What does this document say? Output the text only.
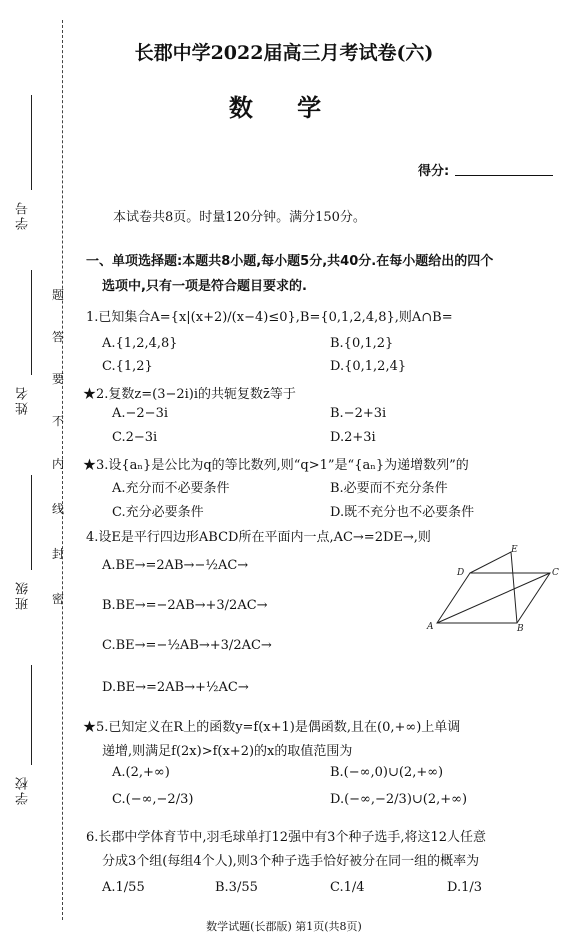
学号
姓名
班级
学校
密
封
线
内
不
要
答
题
长郡中学2022届高三月考试卷(六)
数 学
得分:
本试卷共8页。时量120分钟。满分150分。
一、单项选择题:本题共8小题,每小题5分,共40分.在每小题给出的四个
选项中,只有一项是符合题目要求的.
1.已知集合A={x|(x+2)/(x−4)≤0},B={0,1,2,4,8},则A∩B=
A.{1,2,4,8}	B.{0,1,2}
C.{1,2}	D.{0,1,2,4}
★2.复数z=(3−2i)i的共轭复数z̄等于
A.−2−3i	B.−2+3i
C.2−3i	D.2+3i
★3.设{aₙ}是公比为q的等比数列,则“q>1”是“{aₙ}为递增数列”的
A.充分而不必要条件	B.必要而不充分条件
C.充分必要条件	D.既不充分也不必要条件
4.设E是平行四边形ABCD所在平面内一点,AC→=2DE→,则
A.BE→=2AB→−½AC→
B.BE→=−2AB→+3/2AC→
C.BE→=−½AB→+3/2AC→
D.BE→=2AB→+½AC→
E
D	C
A	B
★5.已知定义在R上的函数y=f(x+1)是偶函数,且在(0,+∞)上单调
递增,则满足f(2x)>f(x+2)的x的取值范围为
A.(2,+∞)	B.(−∞,0)∪(2,+∞)
C.(−∞,−2/3)	D.(−∞,−2/3)∪(2,+∞)
6.长郡中学体育节中,羽毛球单打12强中有3个种子选手,将这12人任意
分成3个组(每组4个人),则3个种子选手恰好被分在同一组的概率为
A.1/55	B.3/55	C.1/4	D.1/3
数学试题(长郡版) 第1页(共8页)
